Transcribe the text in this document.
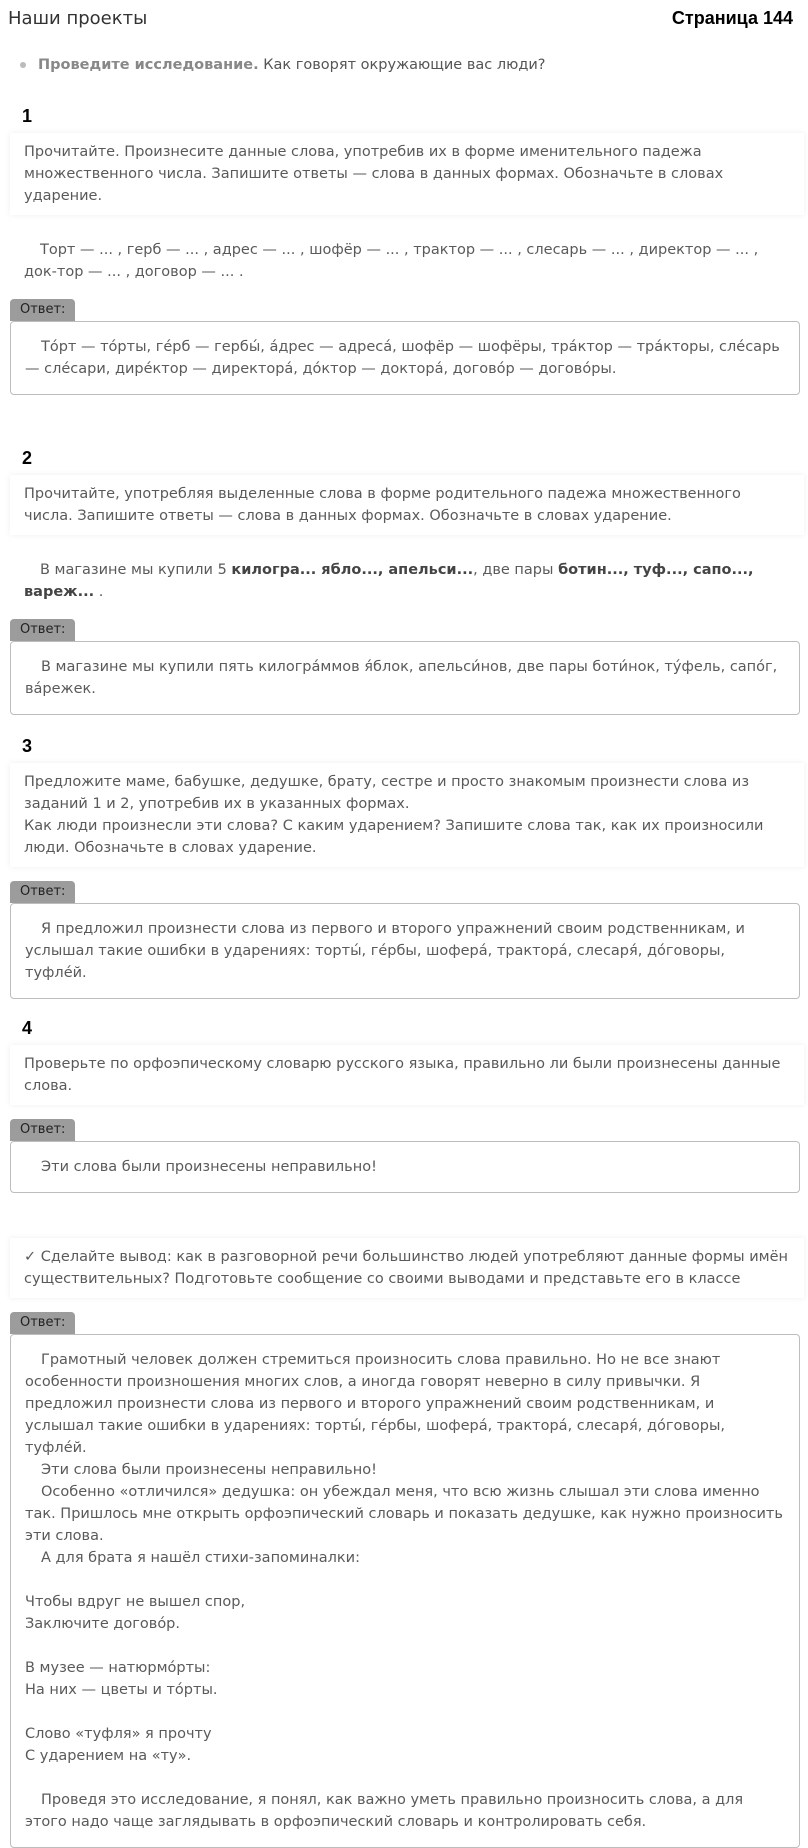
Наши проекты	Страница 144
Проведите исследование. Как говорят окружающие вас люди?
1
Прочитайте. Произнесите данные слова, употребив их в форме именительного падежа множественного числа. Запишите ответы — слова в данных формах. Обозначьте в словах ударение.
Торт — ... , герб — ... , адрес — ... , шофёр — ... , трактор — ... , слесарь — ... , директор — ... , док-тор — ... , договор — ... .
Ответ:

То́рт — то́рты, ге́рб — гербы́, а́дрес — адреса́, шофёр — шофёры, тра́ктор — тра́кторы, сле́сарь — сле́сари, дире́ктор — директора́, до́ктор — доктора́, догово́р — догово́ры.

2
Прочитайте, употребляя выделенные слова в форме родительного падежа множественного числа. Запишите ответы — слова в данных формах. Обозначьте в словах ударение.
В магазине мы купили 5 килогра... ябло..., апельси..., две пары ботин..., туф..., сапо..., вареж... .
Ответ:

В магазине мы купили пять килогра́ммов я́блок, апельси́нов, две пары боти́нок, ту́фель, сапо́г, ва́режек.

3
Предложите маме, бабушке, дедушке, брату, сестре и просто знакомым произнести слова из заданий 1 и 2, употребив их в указанных формах.
Как люди произнесли эти слова? С каким ударением? Запишите слова так, как их произносили люди. Обозначьте в словах ударение.
Ответ:

Я предложил произнести слова из первого и второго упражнений своим родственникам, и услышал такие ошибки в ударениях: торты́, ге́рбы, шофера́, трактора́, слесаря́, до́говоры, туфле́й.

4
Проверьте по орфоэпическому словарю русского языка, правильно ли были произнесены данные слова.
Ответ:

Эти слова были произнесены неправильно!

✓ Сделайте вывод: как в разговорной речи большинство людей употребляют данные формы имён существительных? Подготовьте сообщение со своими выводами и представьте его в классе
Ответ:

Грамотный человек должен стремиться произносить слова правильно. Но не все знают особенности произношения многих слов, а иногда говорят неверно в силу привычки. Я предложил произнести слова из первого и второго упражнений своим родственникам, и услышал такие ошибки в ударениях: торты́, ге́рбы, шофера́, трактора́, слесаря́, до́говоры, туфле́й.

Эти слова были произнесены неправильно!

Особенно «отличился» дедушка: он убеждал меня, что всю жизнь слышал эти слова именно так. Пришлось мне открыть орфоэпический словарь и показать дедушке, как нужно произносить эти слова.

А для брата я нашёл стихи-запоминалки:

Чтобы вдруг не вышел спор,

Заключите догово́р.

В музее — натюрмо́рты:

На них — цветы и то́рты.

Слово «туфля» я прочту

С ударением на «ту».

Проведя это исследование, я понял, как важно уметь правильно произносить слова, а для этого надо чаще заглядывать в орфоэпический словарь и контролировать себя.
